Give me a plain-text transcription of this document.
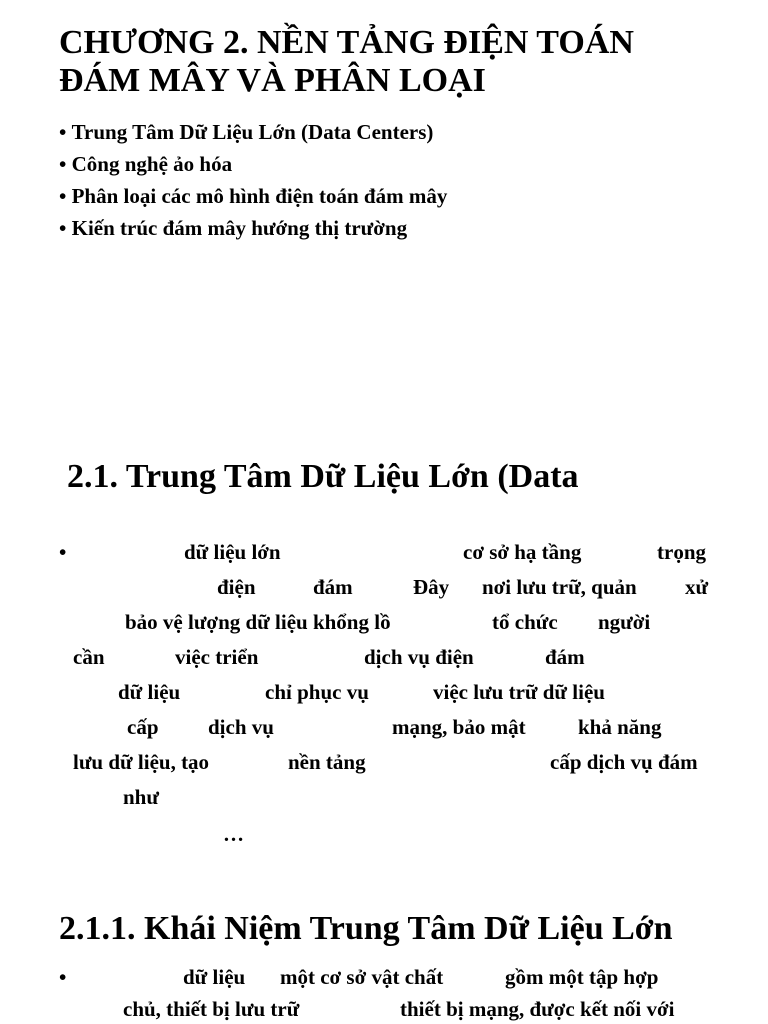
CHƯƠNG 2. NỀN TẢNG ĐIỆN TOÁN
ĐÁM MÂY VÀ PHÂN LOẠI
• Trung Tâm Dữ Liệu Lớn (Data Centers)
• Công nghệ ảo hóa
• Phân loại các mô hình điện toán đám mây
• Kiến trúc đám mây hướng thị trường
2.1. Trung Tâm Dữ Liệu Lớn (Data
•	dữ liệu lớn	cơ sở hạ tầng	trọng
điện	đám	Đây nơi lưu trữ, quản xử
bảo vệ lượng dữ liệu khổng lồ	tổ chức người
cần	việc triển	dịch vụ điện	đám
dữ liệu	chỉ phục vụ	việc lưu trữ dữ liệu
cấp dịch vụ	mạng, bảo mật khả năng
lưu dữ liệu, tạo	nền tảng	cấp dịch vụ đám
như
…
2.1.1. Khái Niệm Trung Tâm Dữ Liệu Lớn
•	dữ liệu một cơ sở vật chất	gồm một tập hợp
chủ, thiết bị lưu trữ	thiết bị mạng, được kết nối với
